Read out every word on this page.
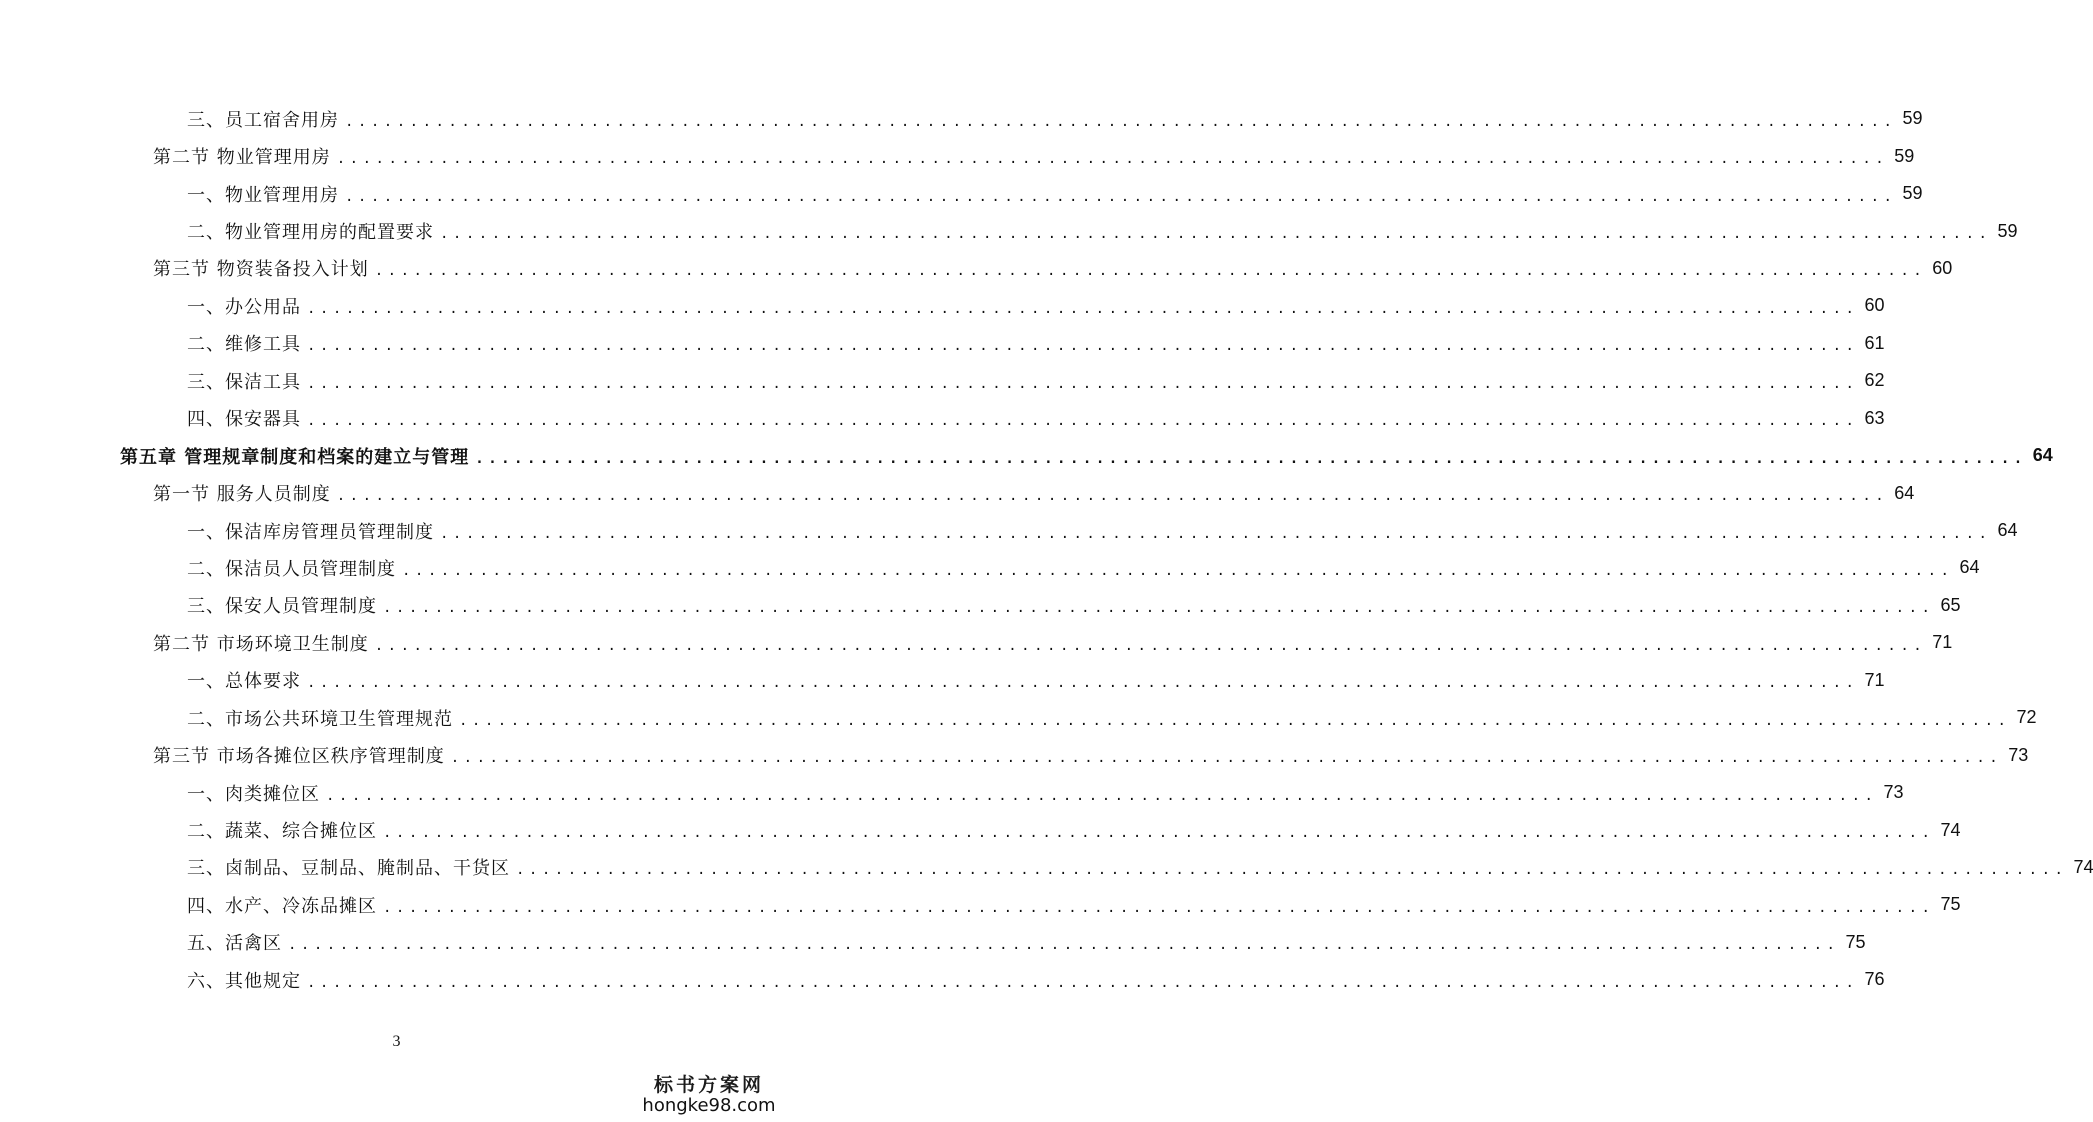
三、员工宿舍用房 ........................................................................................................................ 59
第二节 物业管理用房 ........................................................................................................................ 59
一、物业管理用房 ........................................................................................................................ 59
二、物业管理用房的配置要求 ........................................................................................................................ 59
第三节 物资装备投入计划 ........................................................................................................................ 60
一、办公用品 ........................................................................................................................ 60
二、维修工具 ........................................................................................................................ 61
三、保洁工具 ........................................................................................................................ 62
四、保安器具 ........................................................................................................................ 63
第五章 管理规章制度和档案的建立与管理 ........................................................................................................................ 64
第一节 服务人员制度 ........................................................................................................................ 64
一、保洁库房管理员管理制度 ........................................................................................................................ 64
二、保洁员人员管理制度 ........................................................................................................................ 64
三、保安人员管理制度 ........................................................................................................................ 65
第二节 市场环境卫生制度 ........................................................................................................................ 71
一、总体要求 ........................................................................................................................ 71
二、市场公共环境卫生管理规范 ........................................................................................................................ 72
第三节 市场各摊位区秩序管理制度 ........................................................................................................................ 73
一、肉类摊位区 ........................................................................................................................ 73
二、蔬菜、综合摊位区 ........................................................................................................................ 74
三、卤制品、豆制品、腌制品、干货区 ........................................................................................................................ 74
四、水产、冷冻品摊区 ........................................................................................................................ 75
五、活禽区 ........................................................................................................................ 75
六、其他规定 ........................................................................................................................ 76
3
标书方案网
hongke98.com
